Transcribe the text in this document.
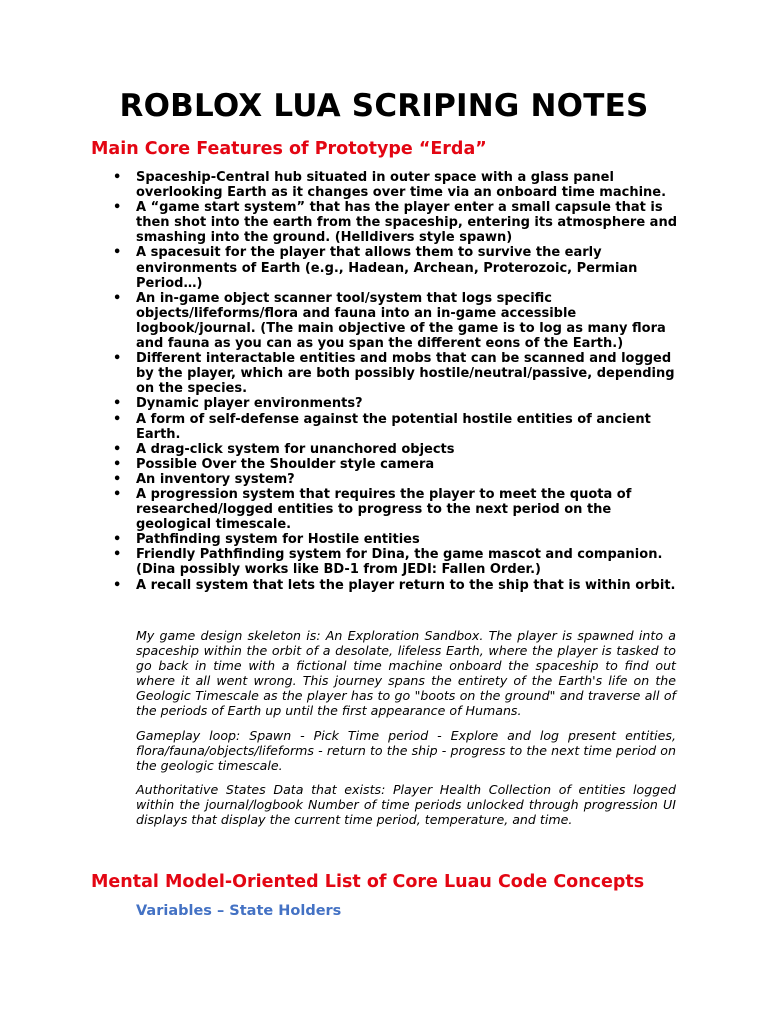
ROBLOX LUA SCRIPING NOTES
Main Core Features of Prototype “Erda”
• Spaceship-Central hub situated in outer space with a glass panel overlooking Earth as it changes over time via an onboard time machine.
• A “game start system” that has the player enter a small capsule that is then shot into the earth from the spaceship, entering its atmosphere and smashing into the ground. (Helldivers style spawn)
• A spacesuit for the player that allows them to survive the early environments of Earth (e.g., Hadean, Archean, Proterozoic, Permian Period…)
• An in-game object scanner tool/system that logs specific objects/lifeforms/flora and fauna into an in-game accessible logbook/journal. (The main objective of the game is to log as many flora and fauna as you can as you span the different eons of the Earth.)
• Different interactable entities and mobs that can be scanned and logged by the player, which are both possibly hostile/neutral/passive, depending on the species.
• Dynamic player environments?
• A form of self-defense against the potential hostile entities of ancient Earth.
• A drag-click system for unanchored objects
• Possible Over the Shoulder style camera
• An inventory system?
• A progression system that requires the player to meet the quota of researched/logged entities to progress to the next period on the geological timescale.
• Pathfinding system for Hostile entities
• Friendly Pathfinding system for Dina, the game mascot and companion. (Dina possibly works like BD-1 from JEDI: Fallen Order.)
• A recall system that lets the player return to the ship that is within orbit.

My game design skeleton is: An Exploration Sandbox. The player is spawned into a spaceship within the orbit of a desolate, lifeless Earth, where the player is tasked to go back in time with a fictional time machine onboard the spaceship to find out where it all went wrong. This journey spans the entirety of the Earth's life on the Geologic Timescale as the player has to go "boots on the ground" and traverse all of the periods of Earth up until the first appearance of Humans.

Gameplay loop: Spawn - Pick Time period - Explore and log present entities, flora/fauna/objects/lifeforms - return to the ship - progress to the next time period on the geologic timescale.

Authoritative States Data that exists: Player Health Collection of entities logged within the journal/logbook Number of time periods unlocked through progression UI displays that display the current time period, temperature, and time.

Mental Model-Oriented List of Core Luau Code Concepts
Variables – State Holders
